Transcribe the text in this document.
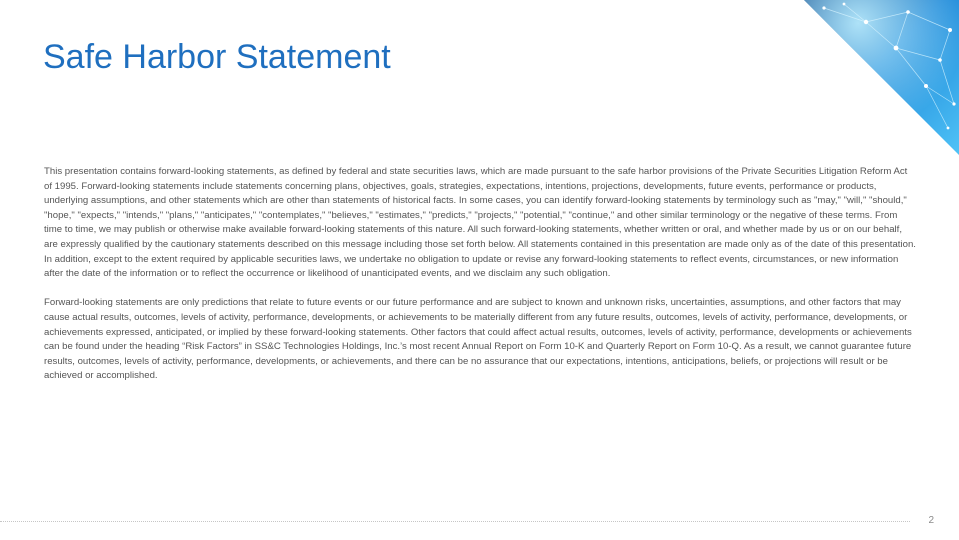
Safe Harbor Statement

This presentation contains forward-looking statements, as defined by federal and state securities laws, which are made pursuant to the safe harbor provisions of the Private Securities Litigation Reform Act of 1995. Forward-looking statements include statements concerning plans, objectives, goals, strategies, expectations, intentions, projections, developments, future events, performance or products, underlying assumptions, and other statements which are other than statements of historical facts. In some cases, you can identify forward-looking statements by terminology such as "may," "will," "should," "hope," "expects," "intends," "plans," "anticipates," "contemplates," "believes," "estimates," "predicts," "projects," "potential," "continue," and other similar terminology or the negative of these terms. From time to time, we may publish or otherwise make available forward-looking statements of this nature. All such forward-looking statements, whether written or oral, and whether made by us or on our behalf, are expressly qualified by the cautionary statements described on this message including those set forth below. All statements contained in this presentation are made only as of the date of this presentation. In addition, except to the extent required by applicable securities laws, we undertake no obligation to update or revise any forward-looking statements to reflect events, circumstances, or new information after the date of the information or to reflect the occurrence or likelihood of unanticipated events, and we disclaim any such obligation.

Forward-looking statements are only predictions that relate to future events or our future performance and are subject to known and unknown risks, uncertainties, assumptions, and other factors that may cause actual results, outcomes, levels of activity, performance, developments, or achievements to be materially different from any future results, outcomes, levels of activity, performance, developments, or achievements expressed, anticipated, or implied by these forward-looking statements. Other factors that could affect actual results, outcomes, levels of activity, performance, developments or achievements can be found under the heading “Risk Factors” in SS&C Technologies Holdings, Inc.’s most recent Annual Report on Form 10-K and Quarterly Report on Form 10-Q. As a result, we cannot guarantee future results, outcomes, levels of activity, performance, developments, or achievements, and there can be no assurance that our expectations, intentions, anticipations, beliefs, or projections will result or be achieved or accomplished.

2
